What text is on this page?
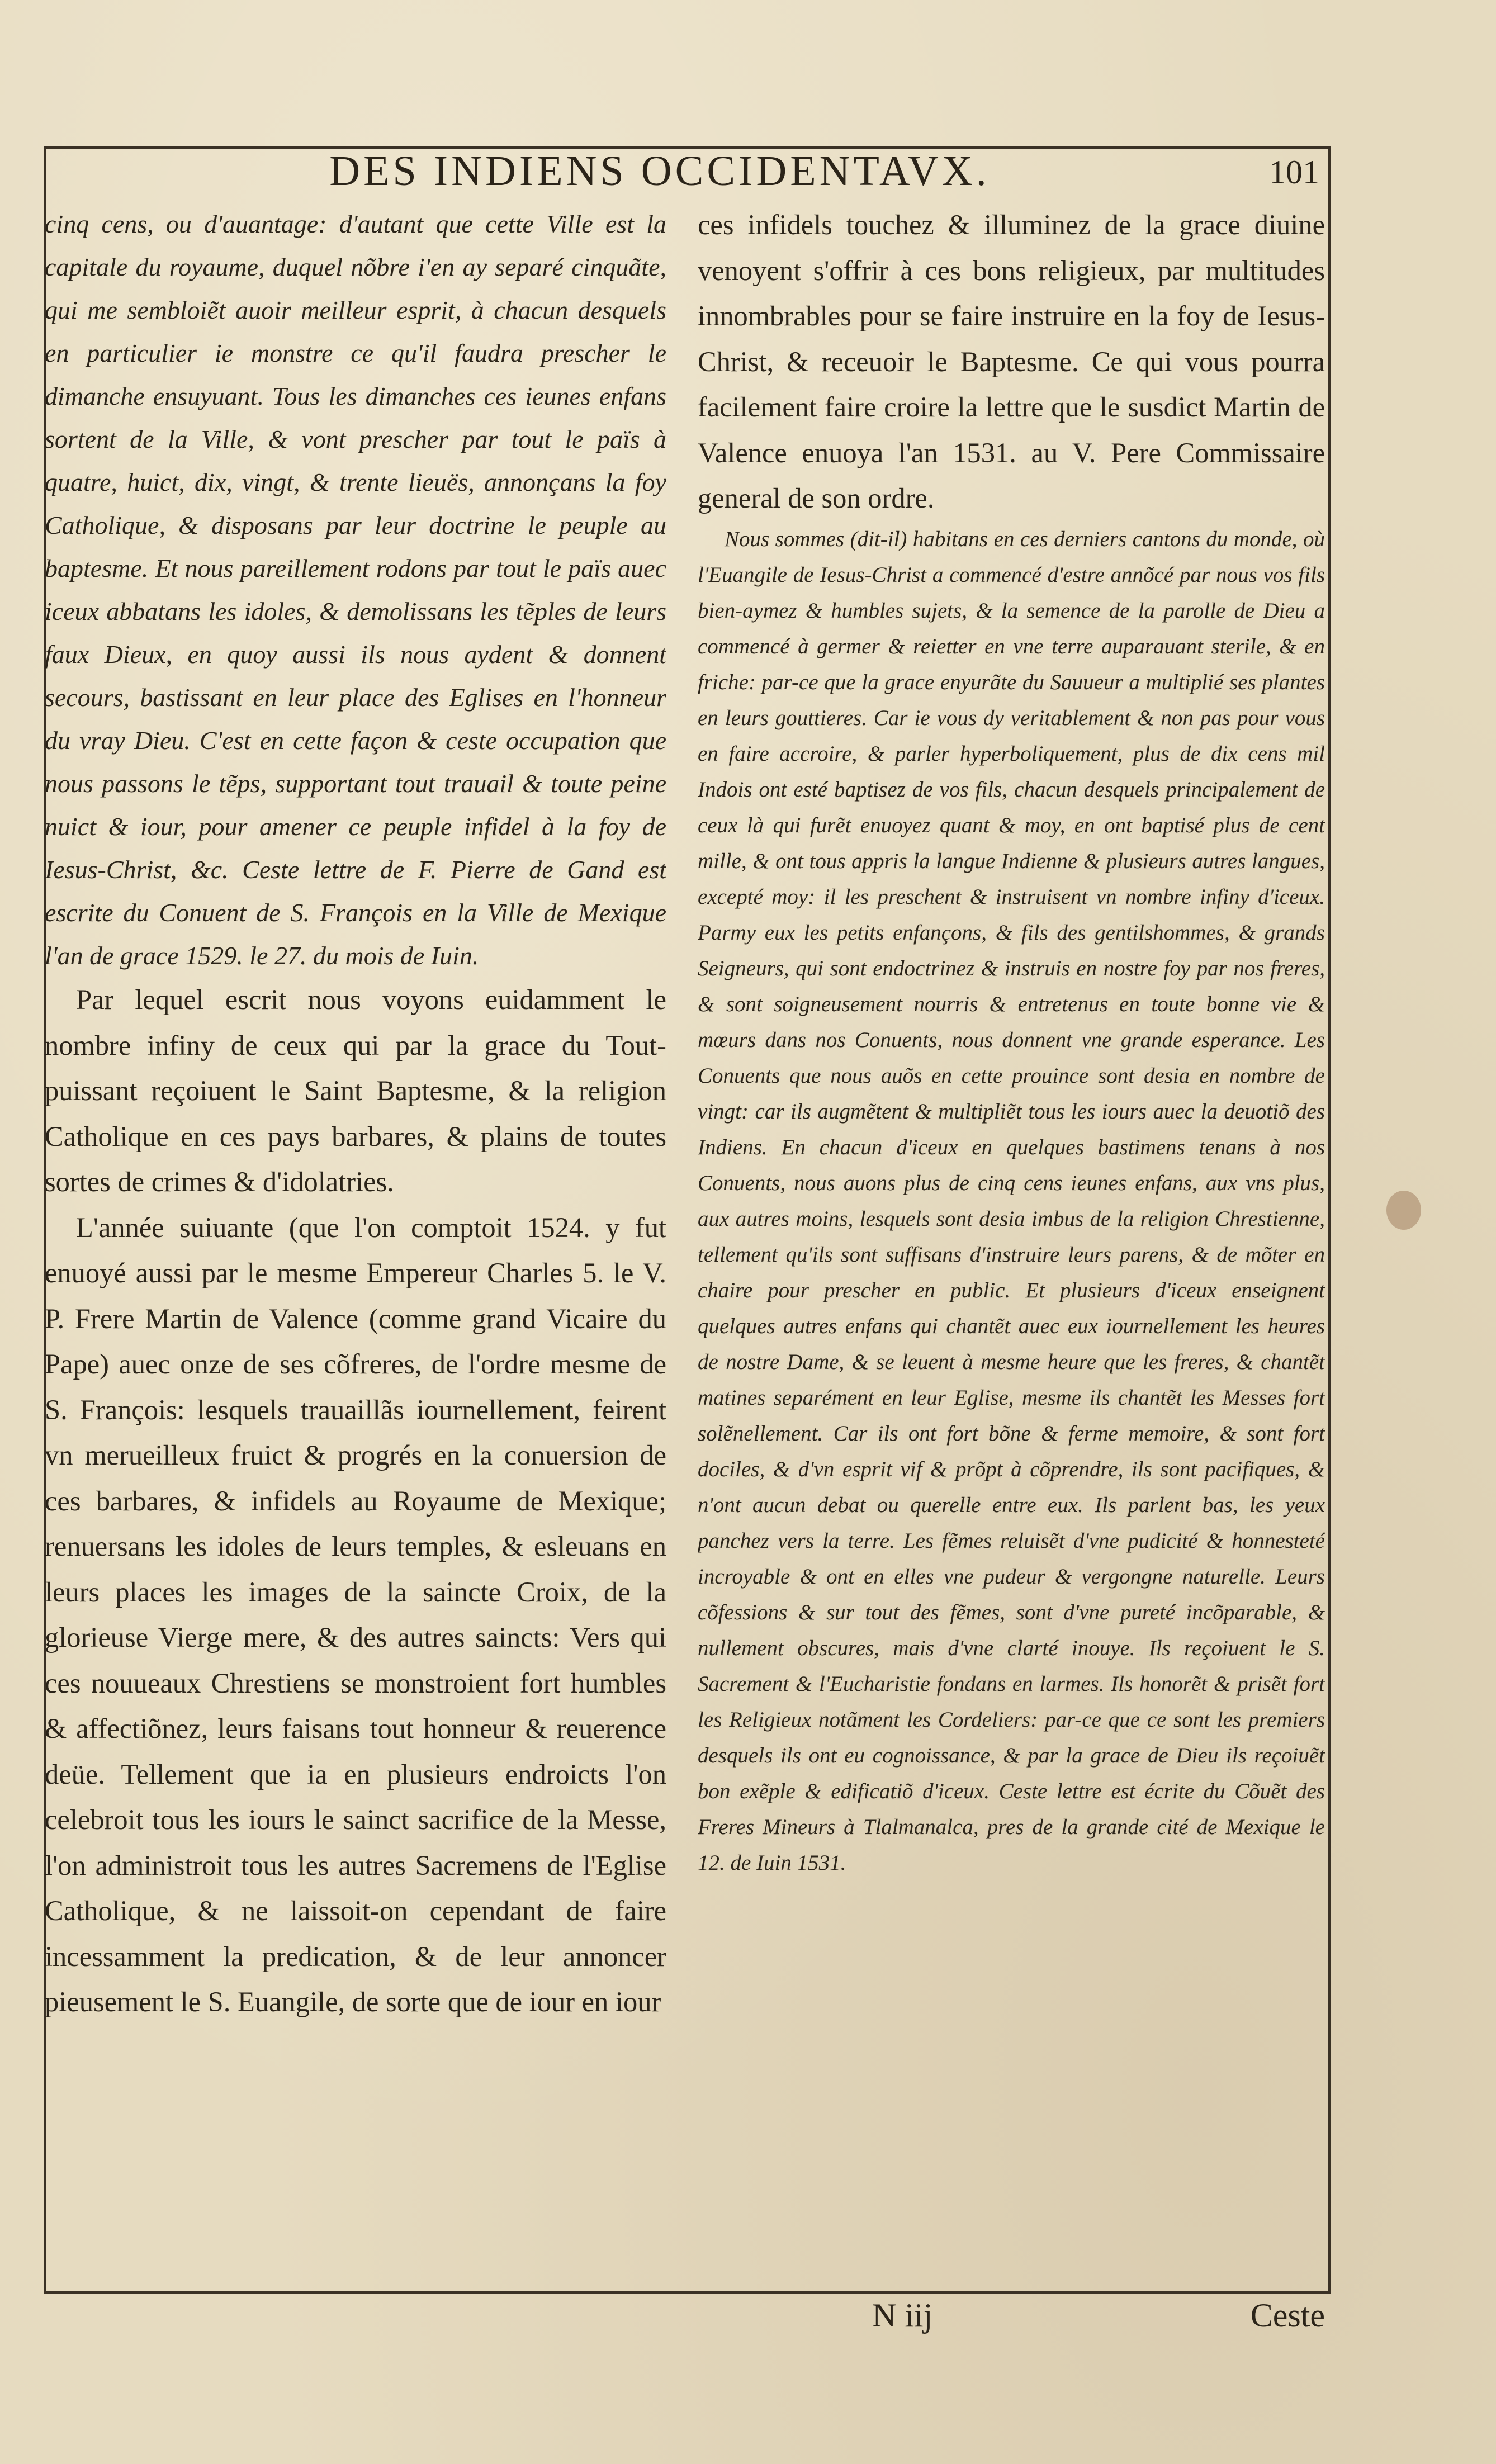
DES INDIENS OCCIDENTAVX.	101

cinq cens, ou d'auantage: d'autant que cette Ville est la capitale du royaume, duquel nõbre i'en ay separé cinquãte, qui me sembloiẽt auoir meilleur esprit, à chacun desquels en particulier ie monstre ce qu'il faudra prescher le dimanche ensuyuant. Tous les dimanches ces ieunes enfans sortent de la Ville, & vont prescher par tout le païs à quatre, huict, dix, vingt, & trente lieuës, annonçans la foy Catholique, & disposans par leur doctrine le peuple au baptesme. Et nous pareillement rodons par tout le païs auec iceux abbatans les idoles, & demolissans les tẽples de leurs faux Dieux, en quoy aussi ils nous aydent & donnent secours, bastissant en leur place des Eglises en l'honneur du vray Dieu. C'est en cette façon & ceste occupation que nous passons le tẽps, supportant tout trauail & toute peine nuict & iour, pour amener ce peuple infidel à la foy de Iesus-Christ, &c. Ceste lettre de F. Pierre de Gand est escrite du Conuent de S. François en la Ville de Mexique l'an de grace 1529. le 27. du mois de Iuin.

Par lequel escrit nous voyons euidamment le nombre infiny de ceux qui par la grace du Tout-puissant reçoiuent le Saint Baptesme, & la religion Catholique en ces pays barbares, & plains de toutes sortes de crimes & d'idolatries.

L'année suiuante (que l'on comptoit 1524. y fut enuoyé aussi par le mesme Empereur Charles 5. le V. P. Frere Martin de Valence (comme grand Vicaire du Pape) auec onze de ses cõfreres, de l'ordre mesme de S. François: lesquels trauaillãs iournellement, feirent vn merueilleux fruict & progrés en la conuersion de ces barbares, & infidels au Royaume de Mexique; renuersans les idoles de leurs temples, & esleuans en leurs places les images de la saincte Croix, de la glorieuse Vierge mere, & des autres saincts: Vers qui ces nouueaux Chrestiens se monstroient fort humbles & affectiõnez, leurs faisans tout honneur & reuerence deüe. Tellement que ia en plusieurs endroicts l'on celebroit tous les iours le sainct sacrifice de la Messe, l'on administroit tous les autres Sacremens de l'Eglise Catholique, & ne laissoit-on cependant de faire incessamment la predication, & de leur annoncer pieusement le S. Euangile, de sorte que de iour en iour

ces infidels touchez & illuminez de la grace diuine venoyent s'offrir à ces bons religieux, par multitudes innombrables pour se faire instruire en la foy de Iesus-Christ, & receuoir le Baptesme. Ce qui vous pourra facilement faire croire la lettre que le susdict Martin de Valence enuoya l'an 1531. au V. Pere Commissaire general de son ordre.

Nous sommes (dit-il) habitans en ces derniers cantons du monde, où l'Euangile de Iesus-Christ a commencé d'estre annõcé par nous vos fils bien-aymez & humbles sujets, & la semence de la parolle de Dieu a commencé à germer & reietter en vne terre auparauant sterile, & en friche: par-ce que la grace enyurãte du Sauueur a multiplié ses plantes en leurs gouttieres. Car ie vous dy veritablement & non pas pour vous en faire accroire, & parler hyperboliquement, plus de dix cens mil Indois ont esté baptisez de vos fils, chacun desquels principalement de ceux là qui furẽt enuoyez quant & moy, en ont baptisé plus de cent mille, & ont tous appris la langue Indienne & plusieurs autres langues, excepté moy: il les preschent & instruisent vn nombre infiny d'iceux. Parmy eux les petits enfançons, & fils des gentilshommes, & grands Seigneurs, qui sont endoctrinez & instruis en nostre foy par nos freres, & sont soigneusement nourris & entretenus en toute bonne vie & mœurs dans nos Conuents, nous donnent vne grande esperance. Les Conuents que nous auõs en cette prouince sont desia en nombre de vingt: car ils augmẽtent & multipliẽt tous les iours auec la deuotiõ des Indiens. En chacun d'iceux en quelques bastimens tenans à nos Conuents, nous auons plus de cinq cens ieunes enfans, aux vns plus, aux autres moins, lesquels sont desia imbus de la religion Chrestienne, tellement qu'ils sont suffisans d'instruire leurs parens, & de mõter en chaire pour prescher en public. Et plusieurs d'iceux enseignent quelques autres enfans qui chantẽt auec eux iournellement les heures de nostre Dame, & se leuent à mesme heure que les freres, & chantẽt matines separément en leur Eglise, mesme ils chantẽt les Messes fort solẽnellement. Car ils ont fort bõne & ferme memoire, & sont fort dociles, & d'vn esprit vif & prõpt à cõprendre, ils sont pacifiques, & n'ont aucun debat ou querelle entre eux. Ils parlent bas, les yeux panchez vers la terre. Les fẽmes reluisẽt d'vne pudicité & honnesteté incroyable & ont en elles vne pudeur & vergongne naturelle. Leurs cõfessions & sur tout des fẽmes, sont d'vne pureté incõparable, & nullement obscures, mais d'vne clarté inouye. Ils reçoiuent le S. Sacrement & l'Eucharistie fondans en larmes. Ils honorẽt & prisẽt fort les Religieux notãment les Cordeliers: par-ce que ce sont les premiers desquels ils ont eu cognoissance, & par la grace de Dieu ils reçoiuẽt bon exẽple & edificatiõ d'iceux. Ceste lettre est écrite du Cõuẽt des Freres Mineurs à Tlalmanalca, pres de la grande cité de Mexique le 12. de Iuin 1531.

N iij	Ceste
